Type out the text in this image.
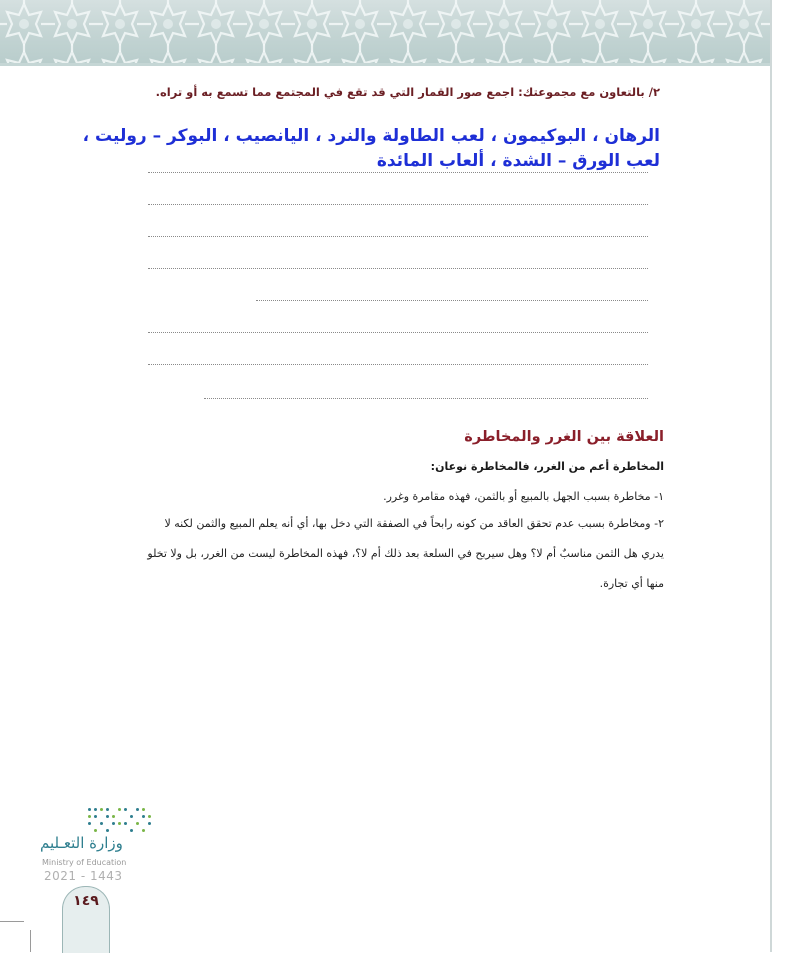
٢/ بالتعاون مع مجموعتك: اجمع صور القمار التي قد تقع في المجتمع مما تسمع به أو تراه.
الرهان ، البوكيمون ، لعب الطاولة والنرد ، اليانصيب ، البوكر – روليت ،
لعب الورق – الشدة ، ألعاب المائدة
العلاقة بين الغرر والمخاطرة
المخاطرة أعم من الغرر، فالمخاطرة نوعان:
١- مخاطرة بسبب الجهل بالمبيع أو بالثمن، فهذه مقامرة وغرر.
٢- ومخاطرة بسبب عدم تحقق العاقد من كونه رابحاً في الصفقة التي دخل بها، أي أنه يعلم المبيع والثمن لكنه لا يدري هل الثمن مناسبٌ أم لا؟ وهل سيربح في السلعة بعد ذلك أم لا؟، فهذه المخاطرة ليست من الغرر، بل ولا تخلو منها أي تجارة.
وزارة التعـليم
Ministry of Education
2021 - 1443
١٤٩
